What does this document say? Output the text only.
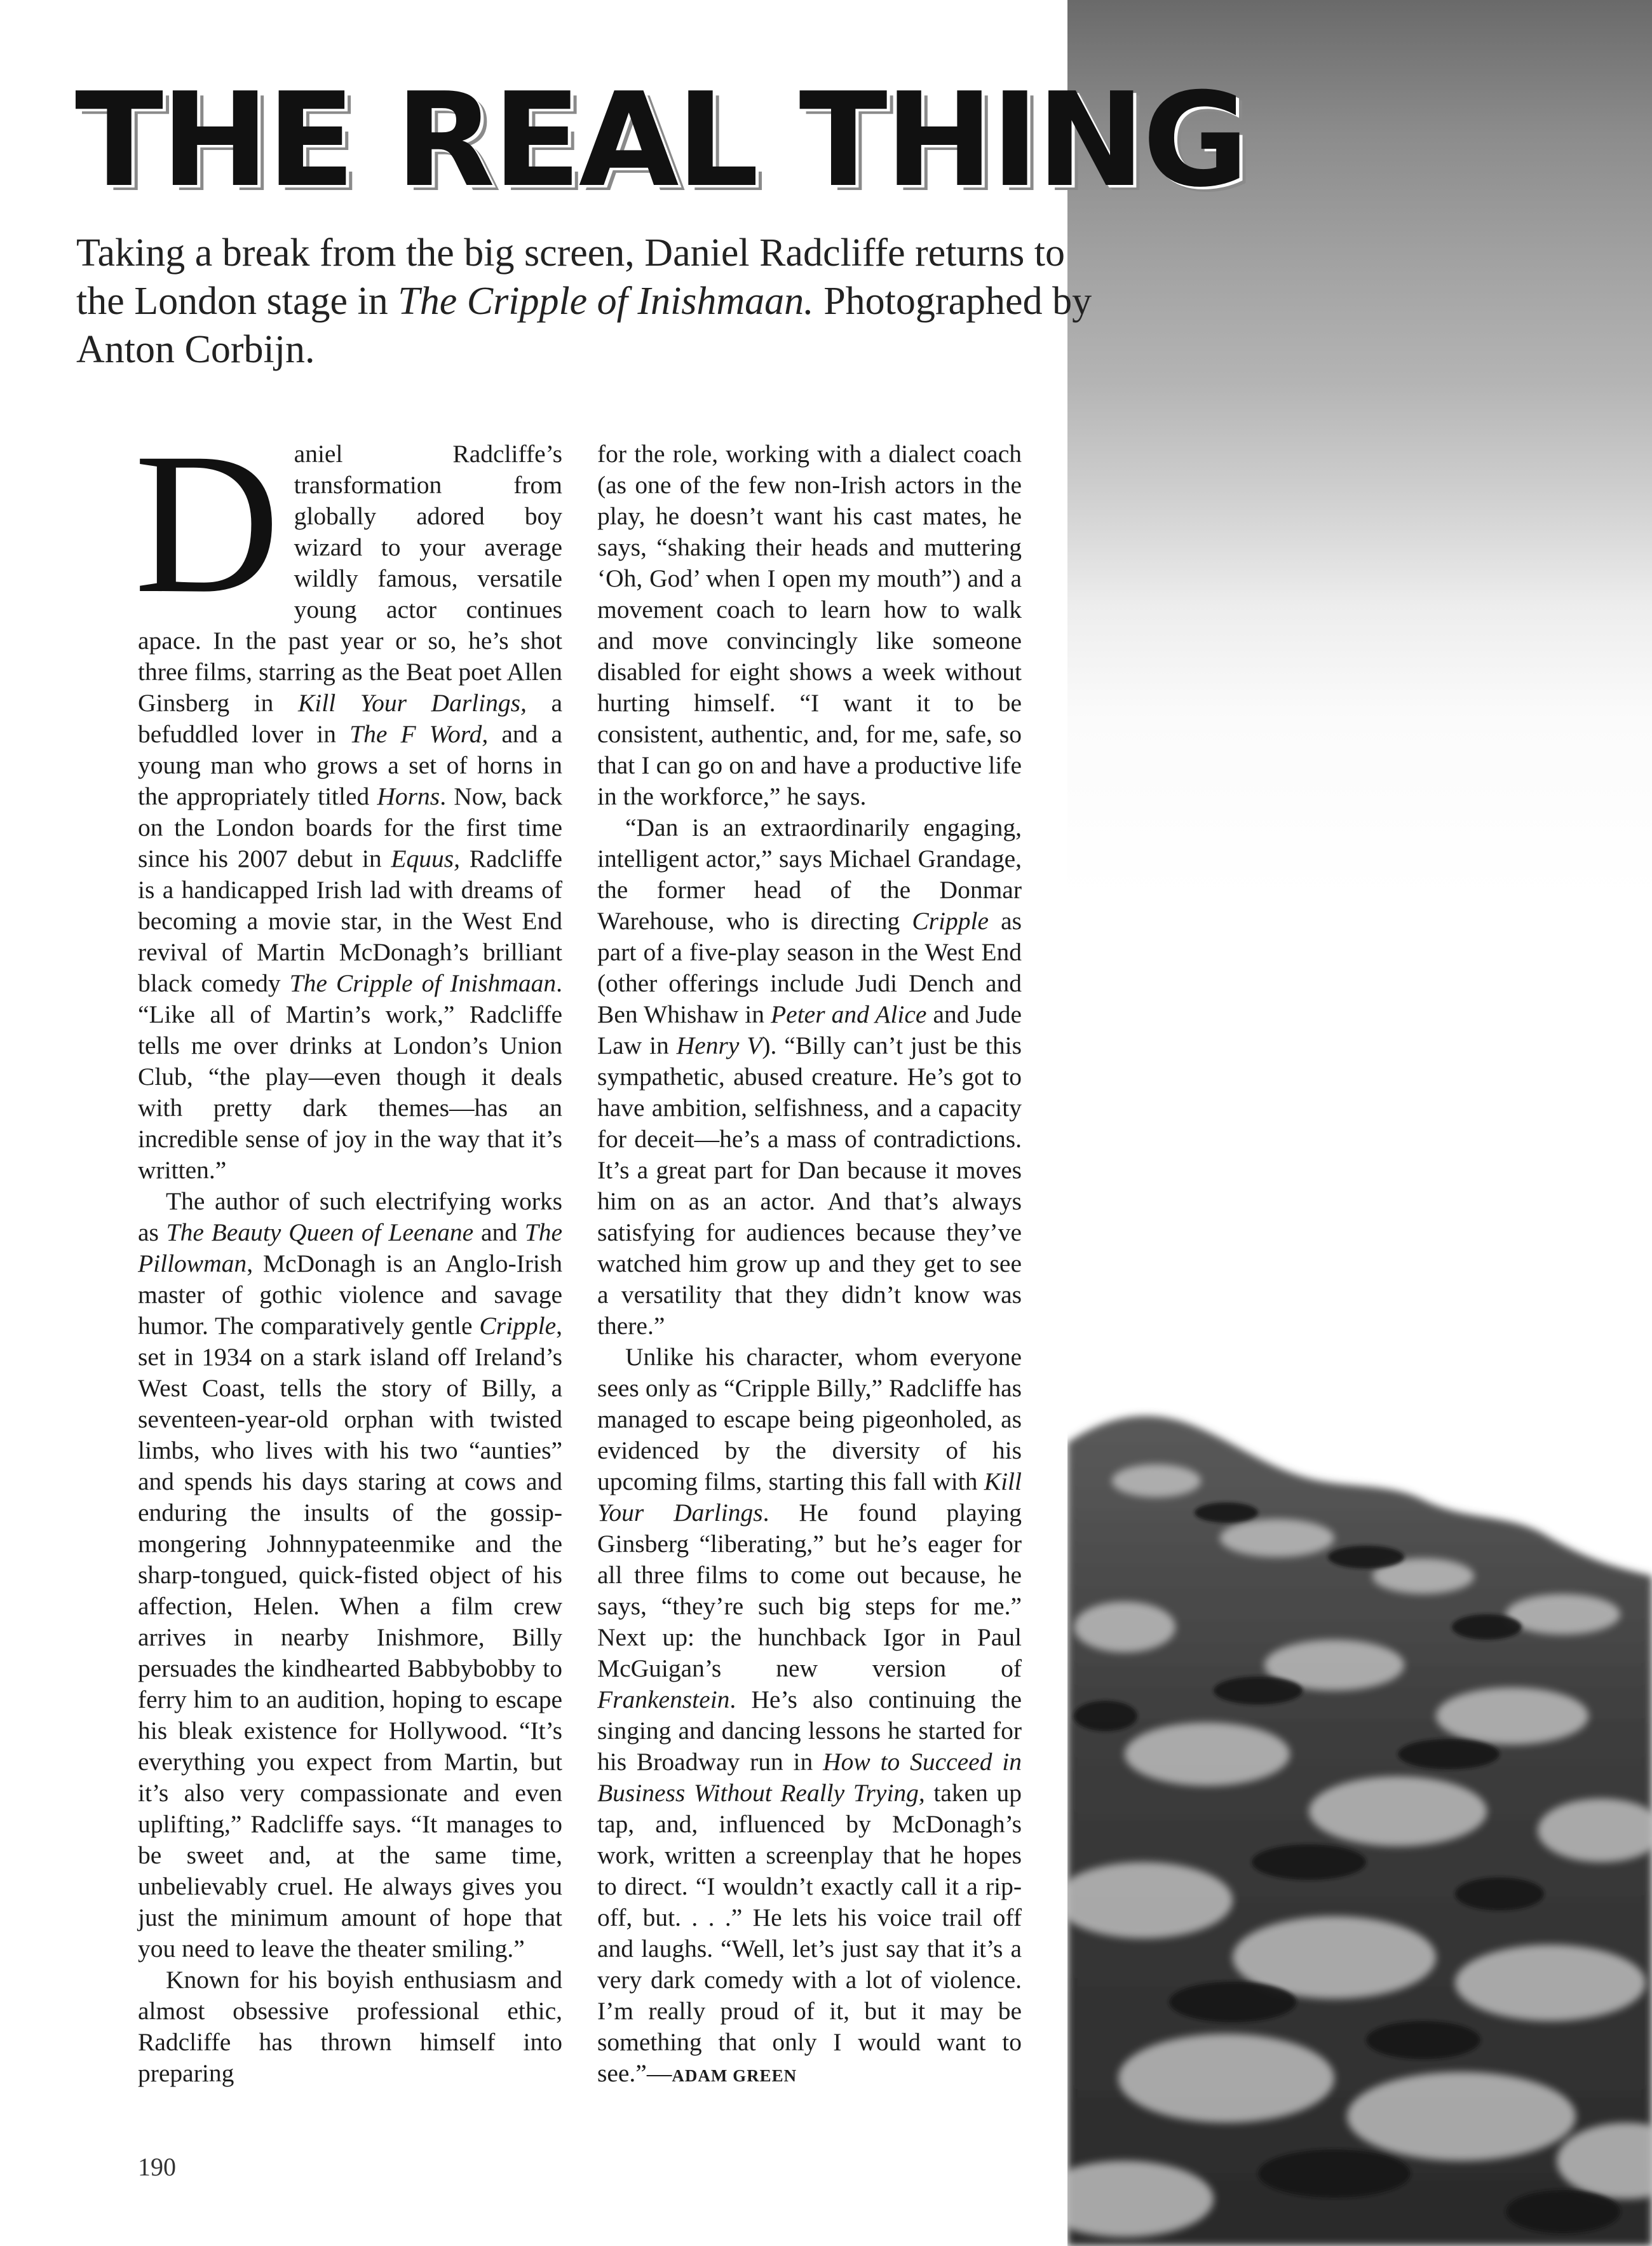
THE REAL THING

Taking a break from the big screen, Daniel Radcliffe returns to the London stage in The Cripple of Inishmaan. Photographed by Anton Corbijn.

Daniel Radcliffe’s transformation from globally adored boy wizard to your average wildly famous, versatile young actor continues apace. In the past year or so, he’s shot three films, starring as the Beat poet Allen Ginsberg in Kill Your Darlings, a befuddled lover in The F Word, and a young man who grows a set of horns in the appropriately titled Horns. Now, back on the London boards for the first time since his 2007 debut in Equus, Radcliffe is a handicapped Irish lad with dreams of becoming a movie star, in the West End revival of Martin McDonagh’s brilliant black comedy The Cripple of Inishmaan. “Like all of Martin’s work,” Radcliffe tells me over drinks at London’s Union Club, “the play—even though it deals with pretty dark themes—has an incredible sense of joy in the way that it’s written.”

The author of such electrifying works as The Beauty Queen of Leenane and The Pillowman, McDonagh is an Anglo-Irish master of gothic violence and savage humor. The comparatively gentle Cripple, set in 1934 on a stark island off Ireland’s West Coast, tells the story of Billy, a seventeen-year-old orphan with twisted limbs, who lives with his two “aunties” and spends his days staring at cows and enduring the insults of the gossip-mongering Johnnypateenmike and the sharp-tongued, quick-fisted object of his affection, Helen. When a film crew arrives in nearby Inishmore, Billy persuades the kindhearted Babbybobby to ferry him to an audition, hoping to escape his bleak existence for Hollywood. “It’s everything you expect from Martin, but it’s also very compassionate and even uplifting,” Radcliffe says. “It manages to be sweet and, at the same time, unbelievably cruel. He always gives you just the minimum amount of hope that you need to leave the theater smiling.”

Known for his boyish enthusiasm and almost obsessive professional ethic, Radcliffe has thrown himself into preparing

for the role, working with a dialect coach (as one of the few non-Irish actors in the play, he doesn’t want his cast mates, he says, “shaking their heads and muttering ‘Oh, God’ when I open my mouth”) and a movement coach to learn how to walk and move convincingly like someone disabled for eight shows a week without hurting himself. “I want it to be consistent, authentic, and, for me, safe, so that I can go on and have a productive life in the workforce,” he says.

“Dan is an extraordinarily engaging, intelligent actor,” says Michael Grandage, the former head of the Donmar Warehouse, who is directing Cripple as part of a five-play season in the West End (other offerings include Judi Dench and Ben Whishaw in Peter and Alice and Jude Law in Henry V). “Billy can’t just be this sympathetic, abused creature. He’s got to have ambition, selfishness, and a capacity for deceit—he’s a mass of contradictions. It’s a great part for Dan because it moves him on as an actor. And that’s always satisfying for audiences because they’ve watched him grow up and they get to see a versatility that they didn’t know was there.”

Unlike his character, whom everyone sees only as “Cripple Billy,” Radcliffe has managed to escape being pigeonholed, as evidenced by the diversity of his upcoming films, starting this fall with Kill Your Darlings. He found playing Ginsberg “liberating,” but he’s eager for all three films to come out because, he says, “they’re such big steps for me.” Next up: the hunchback Igor in Paul McGuigan’s new version of Frankenstein. He’s also continuing the singing and dancing lessons he started for his Broadway run in How to Succeed in Business Without Really Trying, taken up tap, and, influenced by McDonagh’s work, written a screenplay that he hopes to direct. “I wouldn’t exactly call it a rip-off, but. . . .” He lets his voice trail off and laughs. “Well, let’s just say that it’s a very dark comedy with a lot of violence. I’m really proud of it, but it may be something that only I would want to see.”—ADAM GREEN

190
